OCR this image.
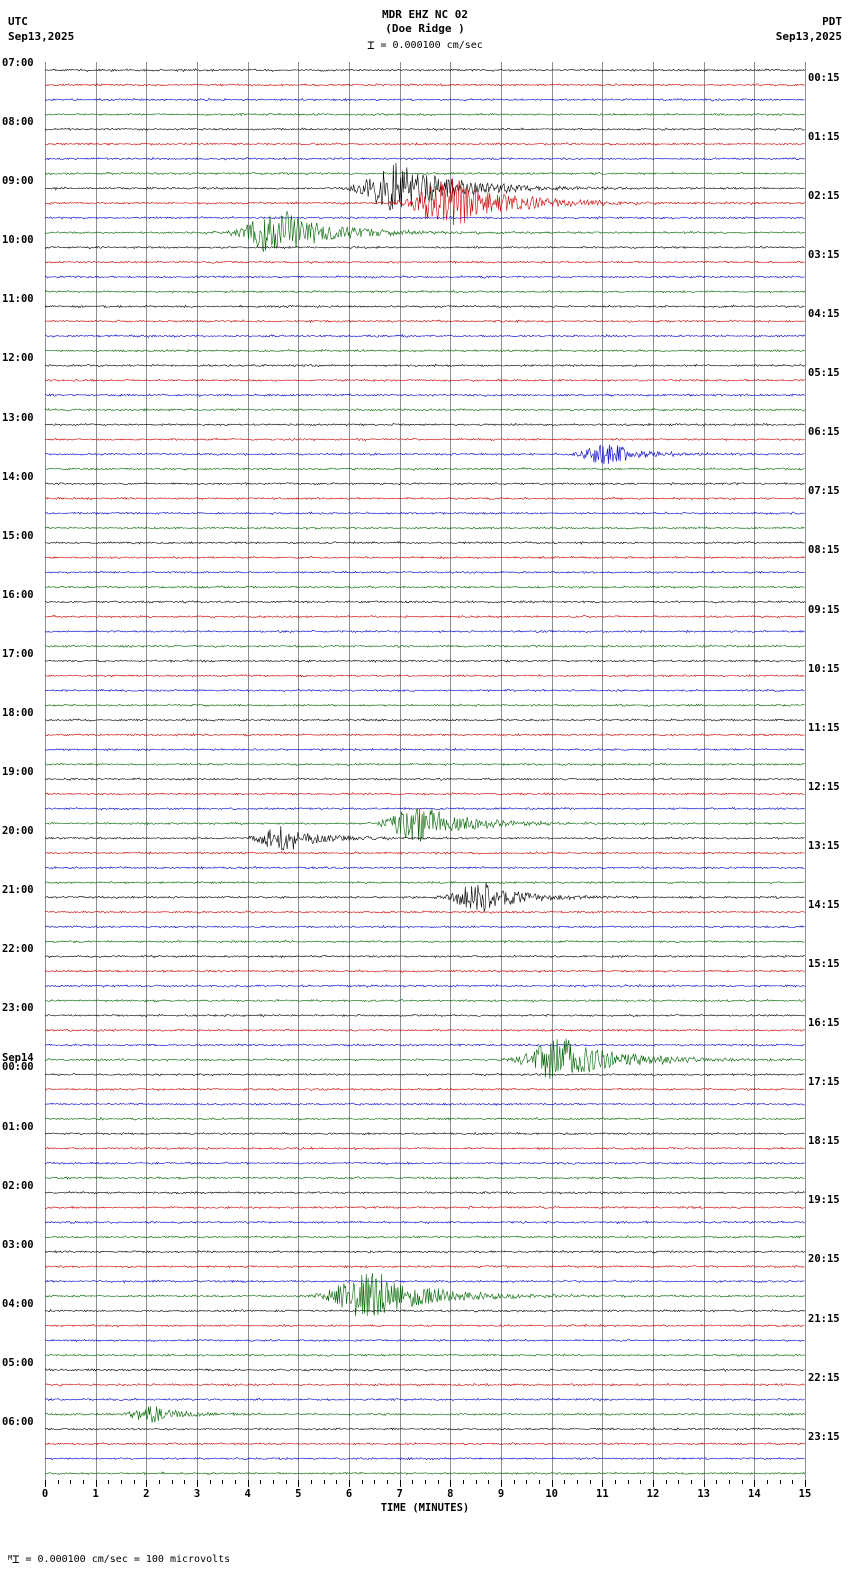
UTC
Sep13,2025
PDT
Sep13,2025
MDR EHZ NC 02
(Doe Ridge )
⌶ = 0.000100 cm/sec
07:00
08:00
09:00
10:00
11:00
12:00
13:00
14:00
15:00
16:00
17:00
18:00
19:00
20:00
21:00
22:00
23:00
Sep14
00:00
01:00
02:00
03:00
04:00
05:00
06:00
00:15
01:15
02:15
03:15
04:15
05:15
06:15
07:15
08:15
09:15
10:15
11:15
12:15
13:15
14:15
15:15
16:15
17:15
18:15
19:15
20:15
21:15
22:15
23:15
0	1	2	3	4	5	6	7	8	9	10	11	12	13	14	15
TIME (MINUTES)
$^M$⌶ = 0.000100 cm/sec = 100 microvolts
